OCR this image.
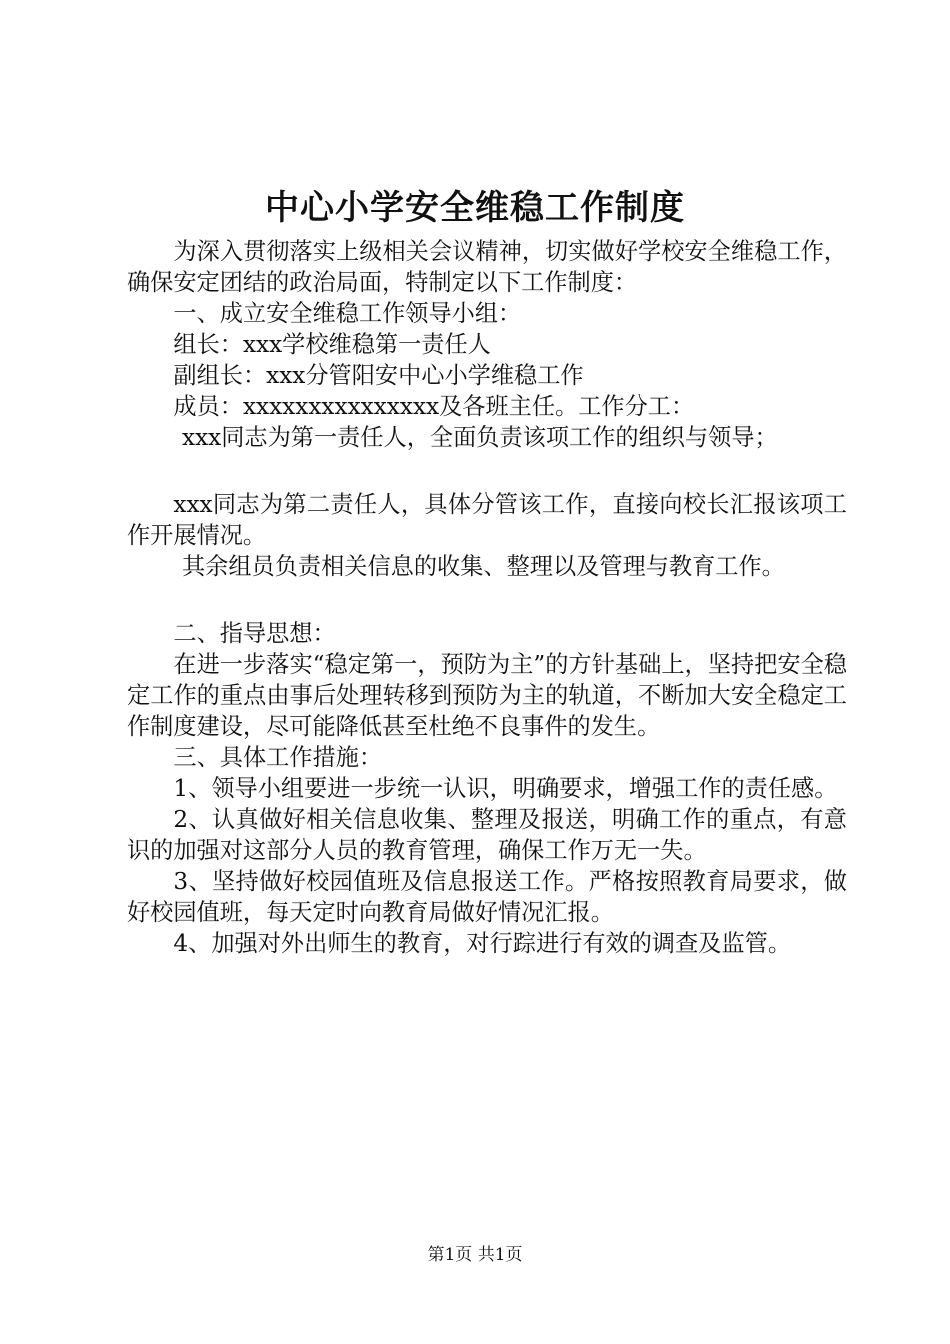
中心小学安全维稳工作制度

为深入贯彻落实上级相关会议精神，切实做好学校安全维稳工作，确保安定团结的政治局面，特制定以下工作制度：

一、成立安全维稳工作领导小组：

组长：xxx学校维稳第一责任人

副组长：xxx分管阳安中心小学维稳工作

成员：xxxxxxxxxxxxxxx及各班主任。工作分工：

xxx同志为第一责任人，全面负责该项工作的组织与领导；

xxx同志为第二责任人，具体分管该工作，直接向校长汇报该项工作开展情况。

其余组员负责相关信息的收集、整理以及管理与教育工作。

二、指导思想：

在进一步落实“稳定第一，预防为主”的方针基础上，坚持把安全稳定工作的重点由事后处理转移到预防为主的轨道，不断加大安全稳定工作制度建设，尽可能降低甚至杜绝不良事件的发生。

三、具体工作措施：

1、领导小组要进一步统一认识，明确要求，增强工作的责任感。

2、认真做好相关信息收集、整理及报送，明确工作的重点，有意识的加强对这部分人员的教育管理，确保工作万无一失。

3、坚持做好校园值班及信息报送工作。严格按照教育局要求，做好校园值班，每天定时向教育局做好情况汇报。

4、加强对外出师生的教育，对行踪进行有效的调查及监管。

第1页 共1页
